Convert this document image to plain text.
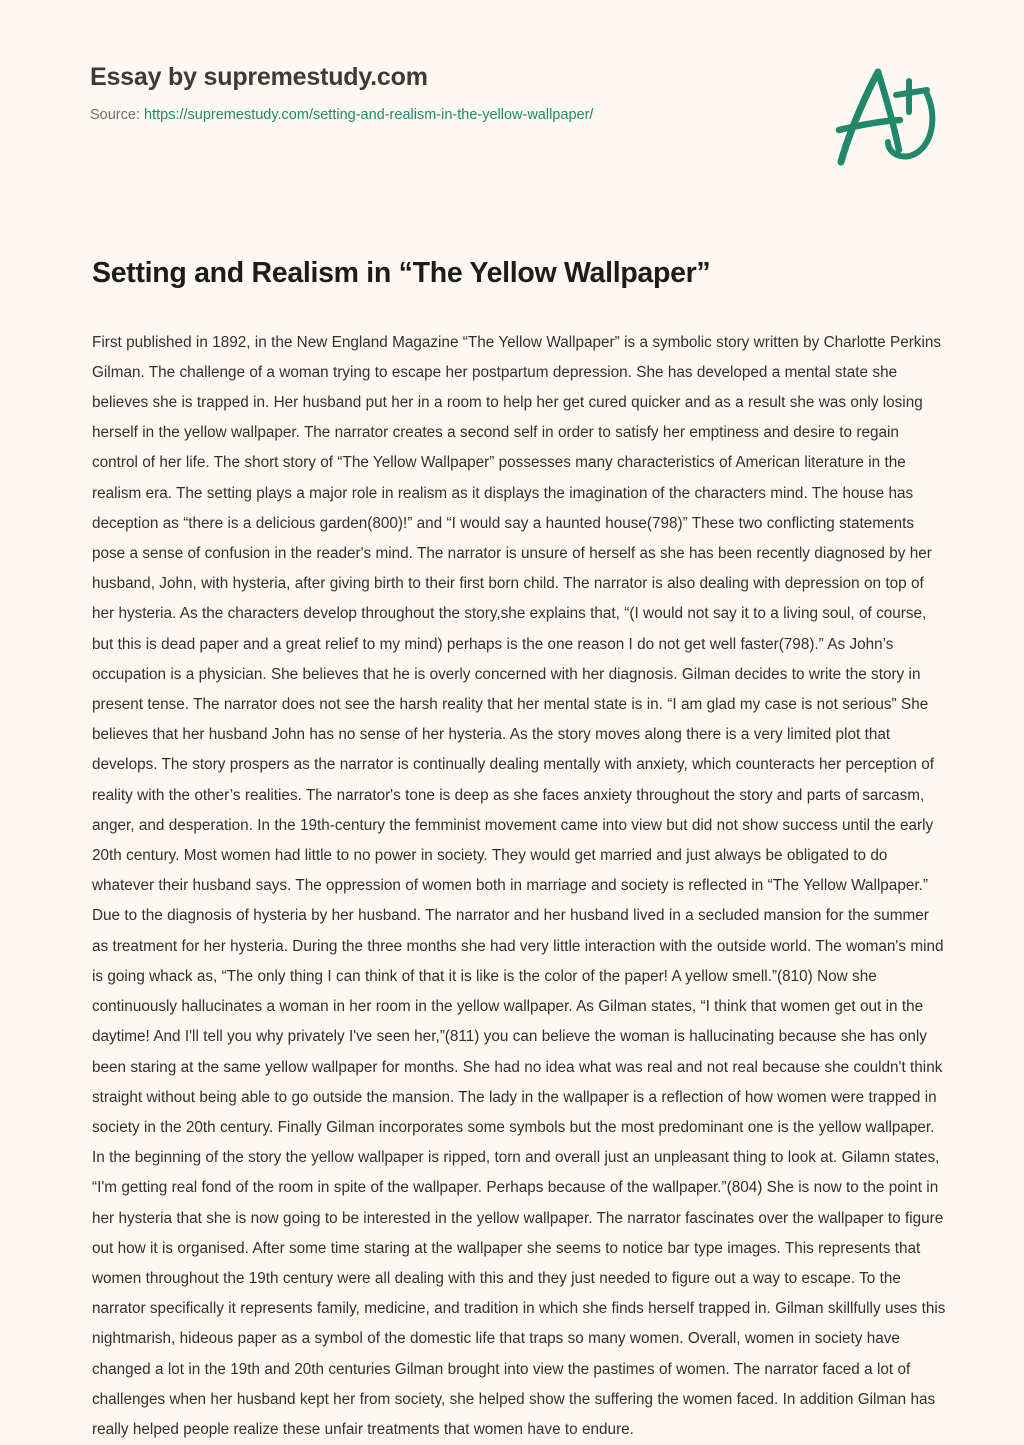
Essay by supremestudy.com
Source: https://supremestudy.com/setting-and-realism-in-the-yellow-wallpaper/
Setting and Realism in “The Yellow Wallpaper”

First published in 1892, in the New England Magazine “The Yellow Wallpaper” is a symbolic story written by Charlotte Perkins Gilman. The challenge of a woman trying to escape her postpartum depression. She has developed a mental state she believes she is trapped in. Her husband put her in a room to help her get cured quicker and as a result she was only losing herself in the yellow wallpaper. The narrator creates a second self in order to satisfy her emptiness and desire to regain control of her life. The short story of “The Yellow Wallpaper” possesses many characteristics of American literature in the realism era. The setting plays a major role in realism as it displays the imagination of the characters mind. The house has deception as “there is a delicious garden(800)!” and “I would say a haunted house(798)” These two conflicting statements pose a sense of confusion in the reader's mind. The narrator is unsure of herself as she has been recently diagnosed by her husband, John, with hysteria, after giving birth to their first born child. The narrator is also dealing with depression on top of her hysteria. As the characters develop throughout the story,she explains that, “(I would not say it to a living soul, of course, but this is dead paper and a great relief to my mind) perhaps is the one reason I do not get well faster(798).” As John’s occupation is a physician. She believes that he is overly concerned with her diagnosis. Gilman decides to write the story in present tense. The narrator does not see the harsh reality that her mental state is in. “I am glad my case is not serious” She believes that her husband John has no sense of her hysteria. As the story moves along there is a very limited plot that develops. The story prospers as the narrator is continually dealing mentally with anxiety, which counteracts her perception of reality with the other’s realities. The narrator's tone is deep as she faces anxiety throughout the story and parts of sarcasm, anger, and desperation. In the 19th-century the femminist movement came into view but did not show success until the early 20th century. Most women had little to no power in society. They would get married and just always be obligated to do whatever their husband says. The oppression of women both in marriage and society is reflected in “The Yellow Wallpaper.” Due to the diagnosis of hysteria by her husband. The narrator and her husband lived in a secluded mansion for the summer as treatment for her hysteria. During the three months she had very little interaction with the outside world. The woman's mind is going whack as, “The only thing I can think of that it is like is the color of the paper! A yellow smell.”(810) Now she continuously hallucinates a woman in her room in the yellow wallpaper. As Gilman states, “I think that women get out in the daytime! And I'll tell you why privately I've seen her,”(811) you can believe the woman is hallucinating because she has only been staring at the same yellow wallpaper for months. She had no idea what was real and not real because she couldn't think straight without being able to go outside the mansion. The lady in the wallpaper is a reflection of how women were trapped in society in the 20th century. Finally Gilman incorporates some symbols but the most predominant one is the yellow wallpaper. In the beginning of the story the yellow wallpaper is ripped, torn and overall just an unpleasant thing to look at. Gilamn states, “I'm getting real fond of the room in spite of the wallpaper. Perhaps because of the wallpaper.”(804) She is now to the point in her hysteria that she is now going to be interested in the yellow wallpaper. The narrator fascinates over the wallpaper to figure out how it is organised. After some time staring at the wallpaper she seems to notice bar type images. This represents that women throughout the 19th century were all dealing with this and they just needed to figure out a way to escape. To the narrator specifically it represents family, medicine, and tradition in which she finds herself trapped in. Gilman skillfully uses this nightmarish, hideous paper as a symbol of the domestic life that traps so many women. Overall, women in society have changed a lot in the 19th and 20th centuries Gilman brought into view the pastimes of women. The narrator faced a lot of challenges when her husband kept her from society, she helped show the suffering the women faced. In addition Gilman has really helped people realize these unfair treatments that women have to endure.
